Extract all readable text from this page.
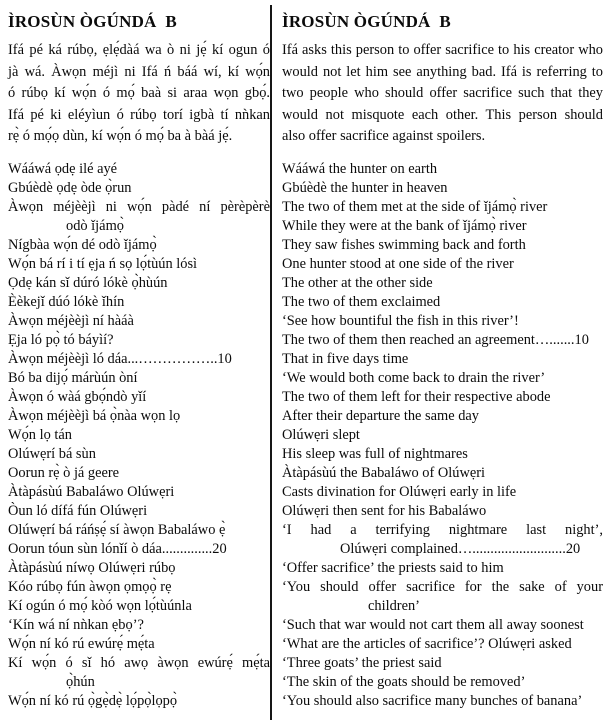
ÌROSÙN ÒGÚNDÁ  B
Ifá pé ká rúbọ, ẹlẹ́dàá wa ò ni jẹ́ kí ogun ó
jà wá. Àwọn méjì ni Ifá ń báá wí, kí wọ́n
ó rúbọ kí wọ́n ó mọ́ baà si araa wọn gbọ́.
Ifá pé ki eléyìun ó rúbọ torí igbà tí nǹkan
rẹ̀ ó mọ́ọ dùn, kí wọ́n ó mọ́ ba à bàá jẹ́.
Wááwá ọdẹ ilé ayé
Gbúèdè ọdẹ òde ọ̀run
Àwọn méjèèjì ni wọ́n pàdé ní pèrèpèrè
odò ǐjámọ̀
Nígbàa wọ́n dé odò ǐjámọ̀
Wọ́n bá rí i tí ẹja ń sọ lọ́tùún lósì
Ọdẹ kán sǐ dúró lókè ọ̀hùún
Èèkejǐ dúó lókè ǐhín
Àwọn méjèèjì ní hàáà
Ẹja ló pọ̀ tó báyìí?
Àwọn méjèèjì ló dáa...……………..10
Bó ba dijọ́ márùún òní
Àwọn ó wàá gbọ́ndò yǐí
Àwọn méjèèjì bá ọ̀nàa wọn lọ
Wọ́n lọ tán
Olúwẹrí bá sùn
Oorun rẹ̀ ò já geere
Àtàpásùú Babaláwo Olúwẹri
Òun ló dífá fún Olúwẹri
Olúwẹrí bá ráńṣẹ́ sí àwọn Babaláwo ẹ̀
Oorun tóun sùn lónǐí ò dáa..............20
Àtàpásùú níwọ Olúwẹri rúbọ
Kóo rúbọ fún àwọn ọmọọ̀ rẹ
Kí ogún ó mọ́ kòó wọn lọ́tùúnla
‘Kín wá ní nǹkan ẹbọ’?
Wọ́n ní kó rú ewúrẹ́ mẹ́ta
Kí wọ́n ó sǐ hó awọ àwọn ewúrẹ́ mẹ́ta
ọ̀hún
Wọ́n ní kó rú ọ̀gẹ̀dẹ̀ lọ́pọ̀lọpọ̀
ÌROSÙN ÒGÚNDÁ  B
Ifá asks this person to offer sacrifice to his creator who
would not let him see anything bad. Ifá is referring to
two people who should offer sacrifice such that they
would not misquote each other. This person should
also offer sacrifice against spoilers.
Wááwá the hunter on earth
Gbúèdè the hunter in heaven
The two of them met at the side of ǐjámọ̀ river
While they were at the bank of ǐjámọ̀ river
They saw fishes swimming back and forth
One hunter stood at one side of the river
The other at the other side
The two of them exclaimed
‘See how bountiful the fish in this river’!
The two of them then reached an agreement….......10
That in five days time
‘We would both come back to drain the river’
The two of them left for their respective abode
After their departure the same day
Olúwẹri slept
His sleep was full of nightmares
Àtàpásùú the Babaláwo of Olúwẹri
Casts divination for Olúwẹri early in life
Olúwẹri then sent for his Babaláwo
‘I had a terrifying nightmare last night’,
Olúwẹri complained…..........................20
‘Offer sacrifice’ the priests said to him
‘You should offer sacrifice for the sake of your
children’
‘Such that war would not cart them all away soonest
‘What are the articles of sacrifice’? Olúwẹri asked
‘Three goats’ the priest said
‘The skin of the goats should be removed’
‘You should also sacrifice many bunches of banana’
